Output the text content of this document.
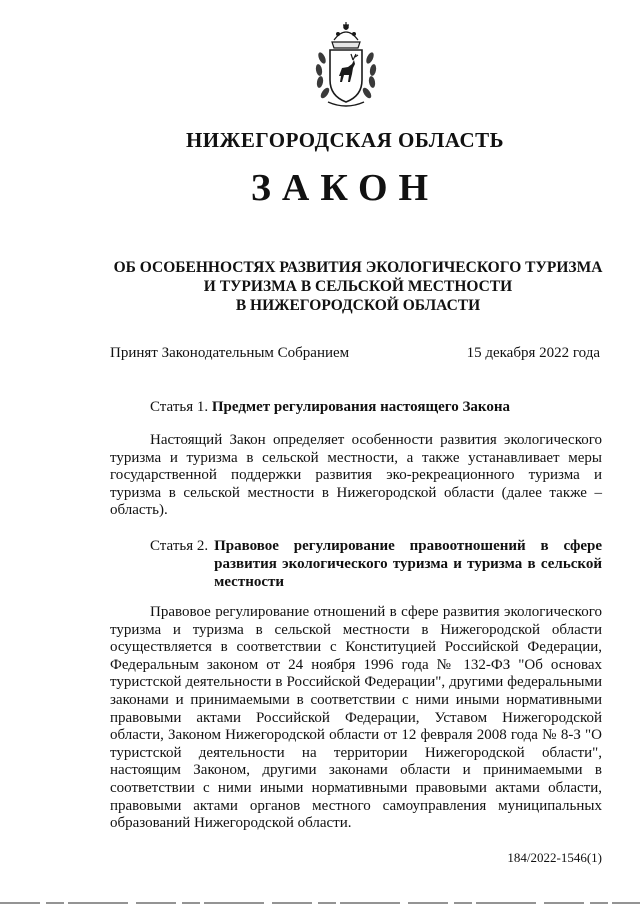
НИЖЕГОРОДСКАЯ ОБЛАСТЬ
ЗАКОН
ОБ ОСОБЕННОСТЯХ РАЗВИТИЯ ЭКОЛОГИЧЕСКОГО ТУРИЗМА
И ТУРИЗМА В СЕЛЬСКОЙ МЕСТНОСТИ
В НИЖЕГОРОДСКОЙ ОБЛАСТИ
Принят Законодательным Собранием	15 декабря 2022 года
Статья 1. Предмет регулирования настоящего Закона

Настоящий Закон определяет особенности развития экологического туризма и туризма в сельской местности, а также устанавливает меры государственной поддержки развития эко-рекреационного туризма и туризма в сельской местности в Нижегородской области (далее также – область).

Статья 2. Правовое регулирование правоотношений в сфере развития экологического туризма и туризма в сельской местности

Правовое регулирование отношений в сфере развития экологического туризма и туризма в сельской местности в Нижегородской области осуществляется в соответствии с Конституцией Российской Федерации, Федеральным законом от 24 ноября 1996 года № 132-ФЗ "Об основах туристской деятельности в Российской Федерации", другими федеральными законами и принимаемыми в соответствии с ними иными нормативными правовыми актами Российской Федерации, Уставом Нижегородской области, Законом Нижегородской области от 12 февраля 2008 года № 8-З "О туристской деятельности на территории Нижегородской области", настоящим Законом, другими законами области и принимаемыми в соответствии с ними иными нормативными правовыми актами области, правовыми актами органов местного самоуправления муниципальных образований Нижегородской области.

184/2022-1546(1)
